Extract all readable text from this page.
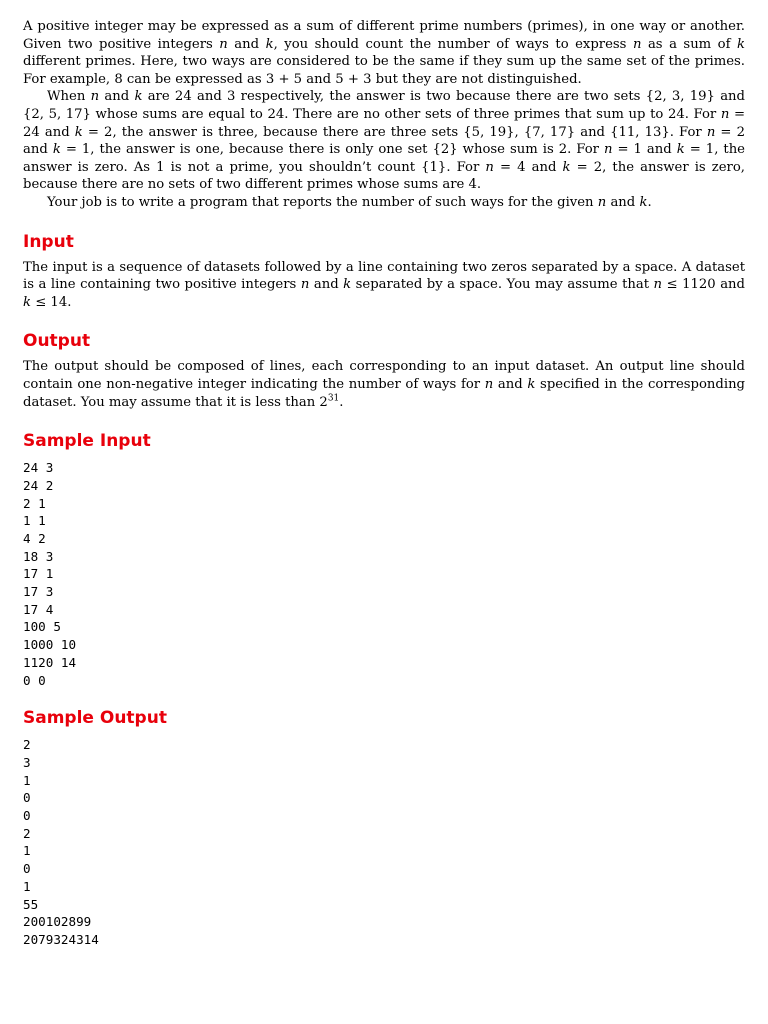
A positive integer may be expressed as a sum of different prime numbers (primes), in one way or another. Given two positive integers n and k, you should count the number of ways to express n as a sum of k different primes. Here, two ways are considered to be the same if they sum up the same set of the primes. For example, 8 can be expressed as 3 + 5 and 5 + 3 but they are not distinguished.

When n and k are 24 and 3 respectively, the answer is two because there are two sets {2, 3, 19} and {2, 5, 17} whose sums are equal to 24. There are no other sets of three primes that sum up to 24. For n = 24 and k = 2, the answer is three, because there are three sets {5, 19}, {7, 17} and {11, 13}. For n = 2 and k = 1, the answer is one, because there is only one set {2} whose sum is 2. For n = 1 and k = 1, the answer is zero. As 1 is not a prime, you shouldn’t count {1}. For n = 4 and k = 2, the answer is zero, because there are no sets of two different primes whose sums are 4.

Your job is to write a program that reports the number of such ways for the given n and k.

Input

The input is a sequence of datasets followed by a line containing two zeros separated by a space. A dataset is a line containing two positive integers n and k separated by a space. You may assume that n ≤ 1120 and k ≤ 14.

Output

The output should be composed of lines, each corresponding to an input dataset. An output line should contain one non-negative integer indicating the number of ways for n and k specified in the corresponding dataset. You may assume that it is less than $2^{31}$.

Sample Input
24 3
24 2
2 1
1 1
4 2
18 3
17 1
17 3
17 4
100 5
1000 10
1120 14
0 0
Sample Output
2
3
1
0
0
2
1
0
1
55
200102899
2079324314
